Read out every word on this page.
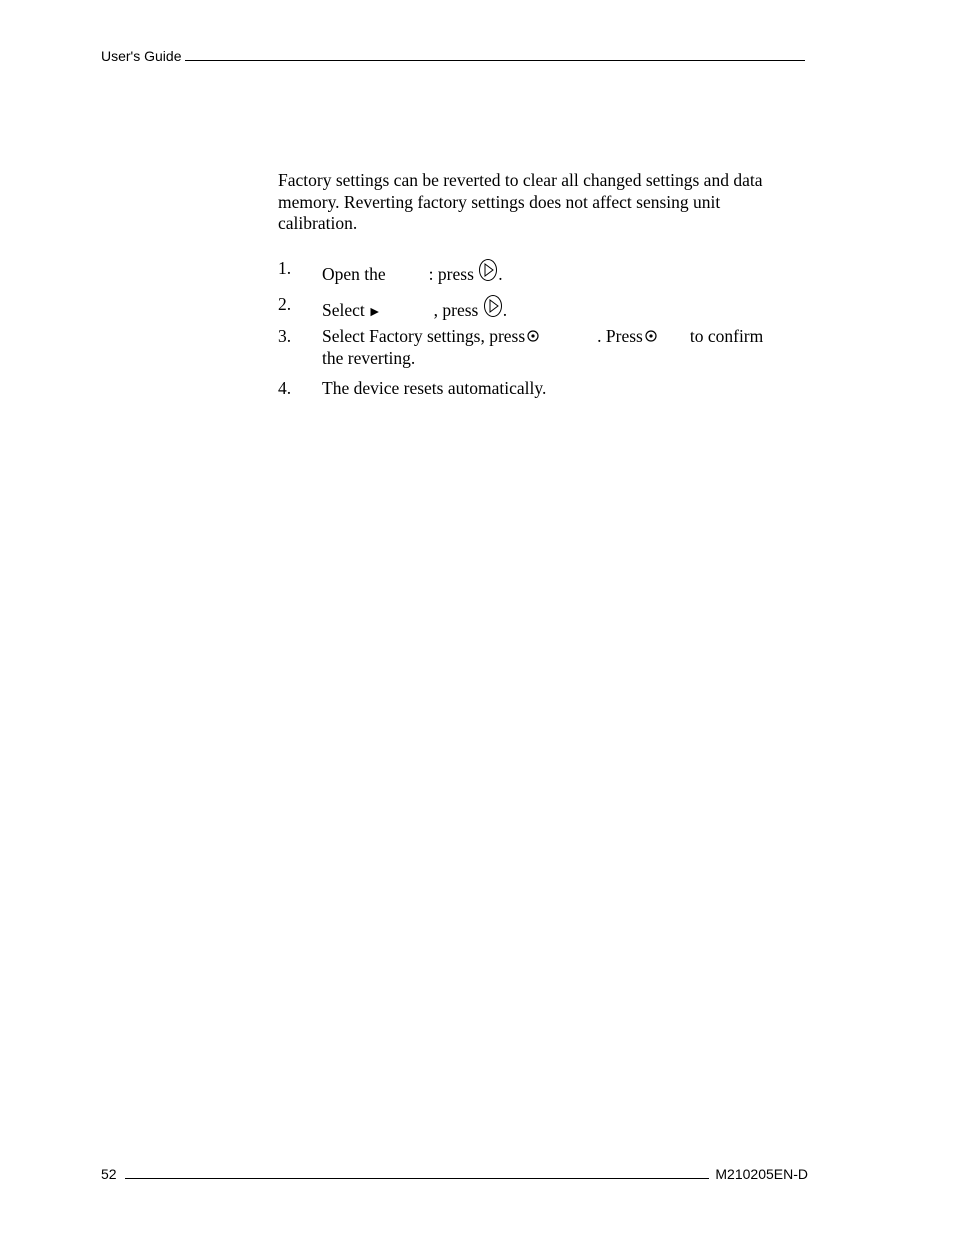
User's Guide

Factory settings can be reverted to clear all changed settings and data memory. Reverting factory settings does not affect sensing unit calibration.

1. Open the : press .
2. Select ►	, press .
3. Select Factory settings, press	. Press	to confirm
the reverting.
4. The device resets automatically.
52	M210205EN-D
